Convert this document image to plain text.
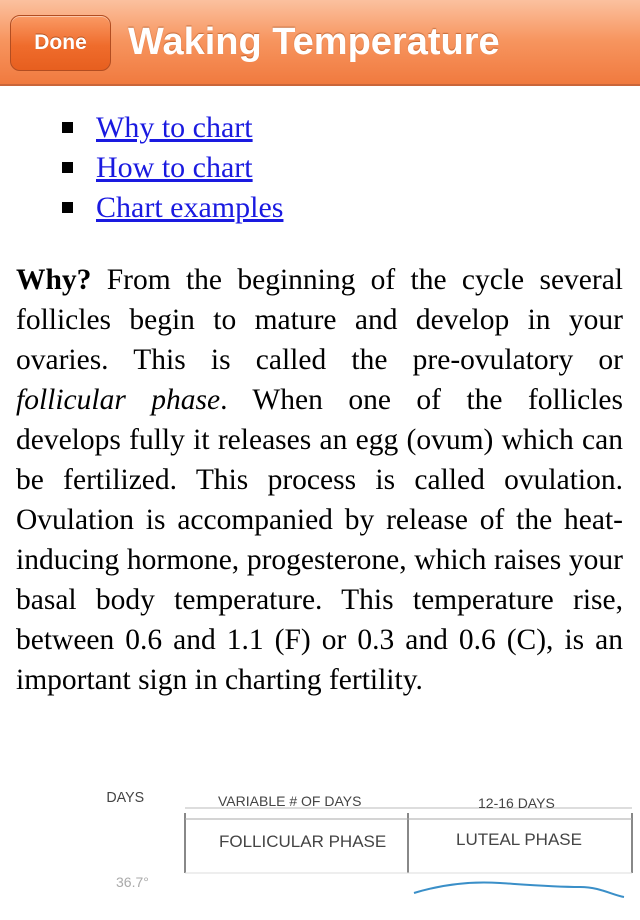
Done	Waking Temperature
Why to chart
How to chart
Chart examples

Why? From the beginning of the cycle several follicles begin to mature and develop in your ovaries. This is called the pre-ovulatory or follicular phase. When one of the follicles develops fully it releases an egg (ovum) which can be fertilized. This process is called ovulation. Ovulation is accompanied by release of the heat-inducing hormone, progesterone, which raises your basal body temperature. This temperature rise, between 0.6 and 1.1 (F) or 0.3 and 0.6 (C), is an important sign in charting fertility.

DAYS	VARIABLE # OF DAYS	12-16 DAYS
FOLLICULAR PHASE	LUTEAL PHASE
36.7°
